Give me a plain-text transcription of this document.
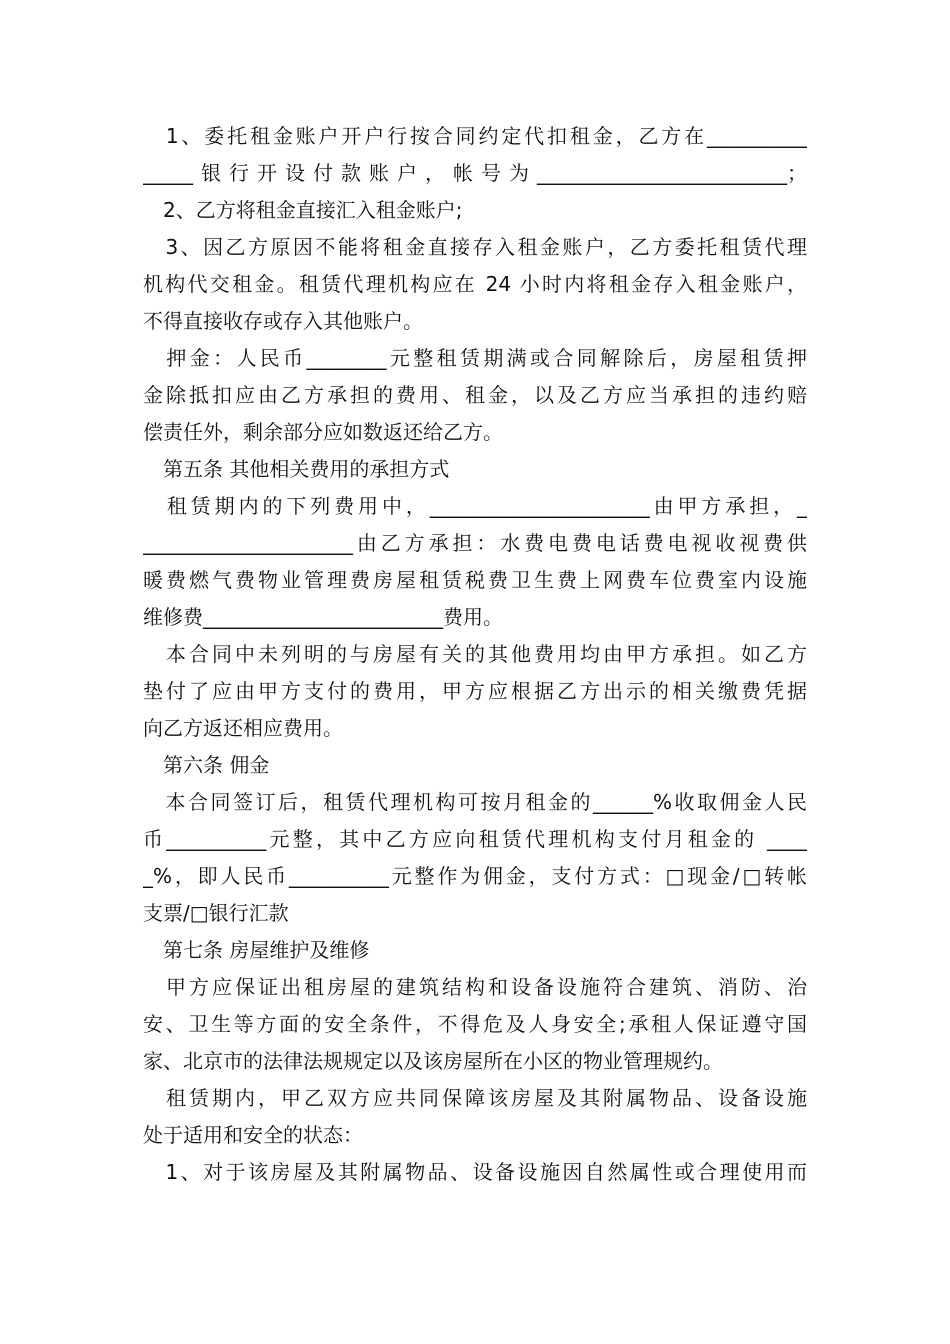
　1、委托租金账户开户行按合同约定代扣租金，乙方在__________
_____银行开设付款账户，帐号为_________________________；
　2、乙方将租金直接汇入租金账户;
　3、因乙方原因不能将租金直接存入租金账户，乙方委托租赁代理
机构代交租金。租赁代理机构应在 24 小时内将租金存入租金账户，
不得直接收存或存入其他账户。
　押金：人民币________元整租赁期满或合同解除后，房屋租赁押
金除抵扣应由乙方承担的费用、租金，以及乙方应当承担的违约赔
偿责任外，剩余部分应如数返还给乙方。
　第五条 其他相关费用的承担方式
　租赁期内的下列费用中，______________________由甲方承担，_
_____________________由乙方承担：水费电费电话费电视收视费供
暖费燃气费物业管理费房屋租赁税费卫生费上网费车位费室内设施
维修费________________________费用。
　本合同中未列明的与房屋有关的其他费用均由甲方承担。如乙方
垫付了应由甲方支付的费用，甲方应根据乙方出示的相关缴费凭据
向乙方返还相应费用。
　第六条 佣金
　本合同签订后，租赁代理机构可按月租金的______%收取佣金人民
币__________元整，其中乙方应向租赁代理机构支付月租金的 ____
_%，即人民币__________元整作为佣金，支付方式：□现金/□转帐
支票/□银行汇款
　第七条 房屋维护及维修
　甲方应保证出租房屋的建筑结构和设备设施符合建筑、消防、治
安、卫生等方面的安全条件，不得危及人身安全;承租人保证遵守国
家、北京市的法律法规规定以及该房屋所在小区的物业管理规约。
　租赁期内，甲乙双方应共同保障该房屋及其附属物品、设备设施
处于适用和安全的状态：
　1、对于该房屋及其附属物品、设备设施因自然属性或合理使用而
